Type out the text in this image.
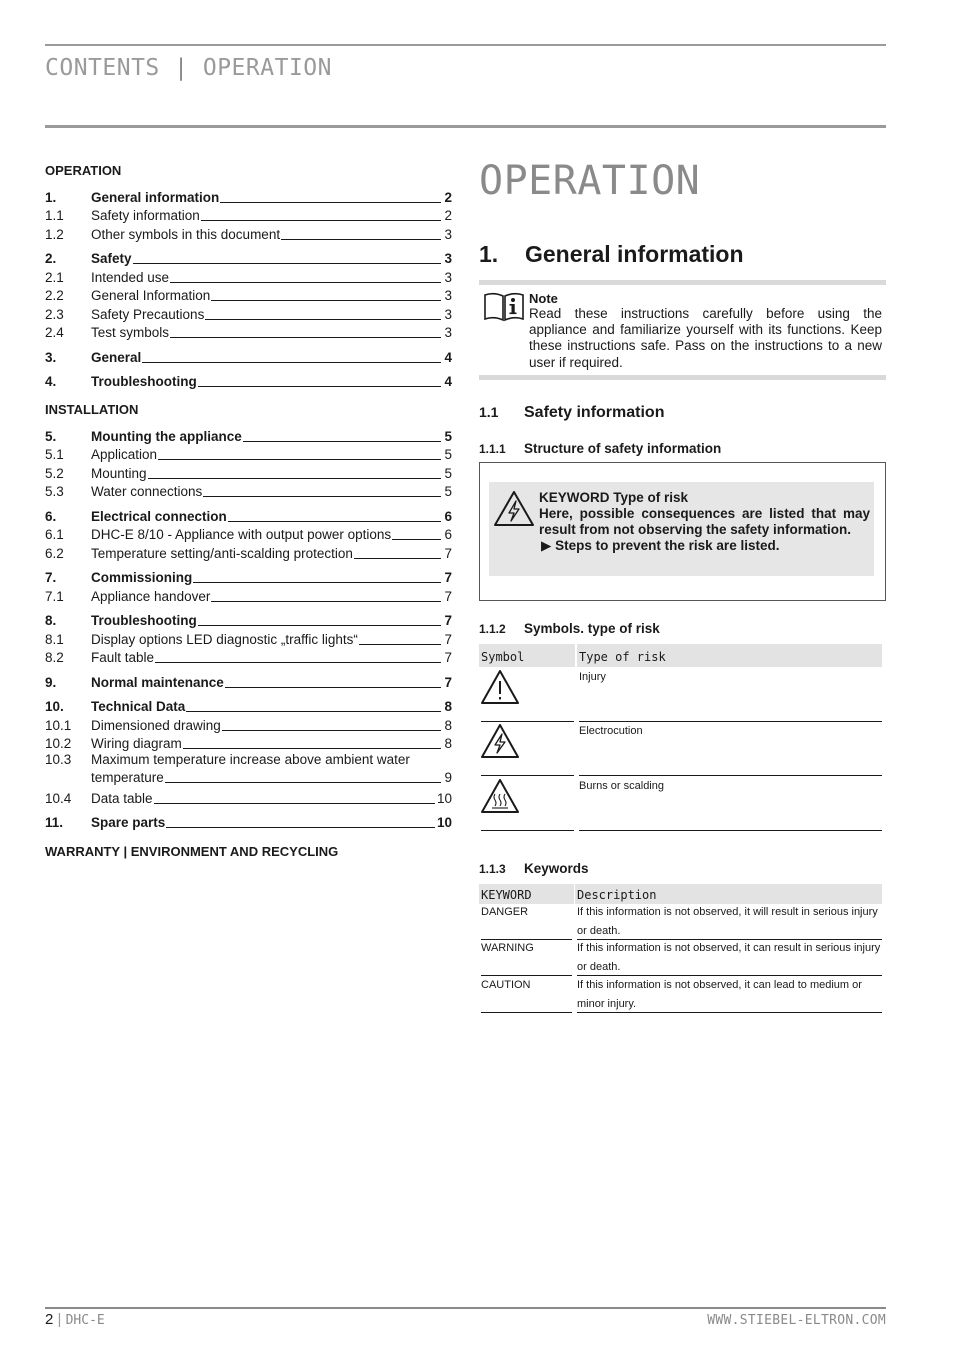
CONTENTS | OPERATION
OPERATION
1.	General information	2
1.1	Safety information	2
1.2	Other symbols in this document	3
2.	Safety	3
2.1	Intended use	3
2.2	General Information	3
2.3	Safety Precautions	3
2.4	Test symbols	3
3.	General	4
4.	Troubleshooting	4
INSTALLATION
5.	Mounting the appliance	5
5.1	Application	5
5.2	Mounting	5
5.3	Water connections	5
6.	Electrical connection	6
6.1	DHC-E 8/10 - Appliance with output power options	6
6.2	Temperature setting/anti-scalding protection	7
7.	Commissioning	7
7.1	Appliance handover	7
8.	Troubleshooting	7
8.1	Display options LED diagnostic „traffic lights“	7
8.2	Fault table	7
9.	Normal maintenance	7
10.	Technical Data	8
10.1	Dimensioned drawing	8
10.2	Wiring diagram	8
10.3	Maximum temperature increase above ambient water
temperature	9
10.4	Data table	10
11.	Spare parts	10
WARRANTY | ENVIRONMENT AND RECYCLING
OPERATION
1. General information
Note
Read these instructions carefully before using the appliance and familiarize yourself with its functions. Keep these instructions safe. Pass on the instructions to a new user if required.
1.1 Safety information
1.1.1 Structure of safety information
KEYWORD Type of risk
Here, possible consequences are listed that may result from not observing the safety information.
▶ Steps to prevent the risk are listed.
1.1.2 Symbols. type of risk
Symbol	Type of risk
Injury
Electrocution
Burns or scalding
1.1.3 Keywords
KEYWORD	Description
DANGER	If this information is not observed, it will result in serious injury or death.
WARNING	If this information is not observed, it can result in serious injury or death.
CAUTION	If this information is not observed, it can lead to medium or minor injury.
2 | DHC-E	WWW.STIEBEL-ELTRON.COM
